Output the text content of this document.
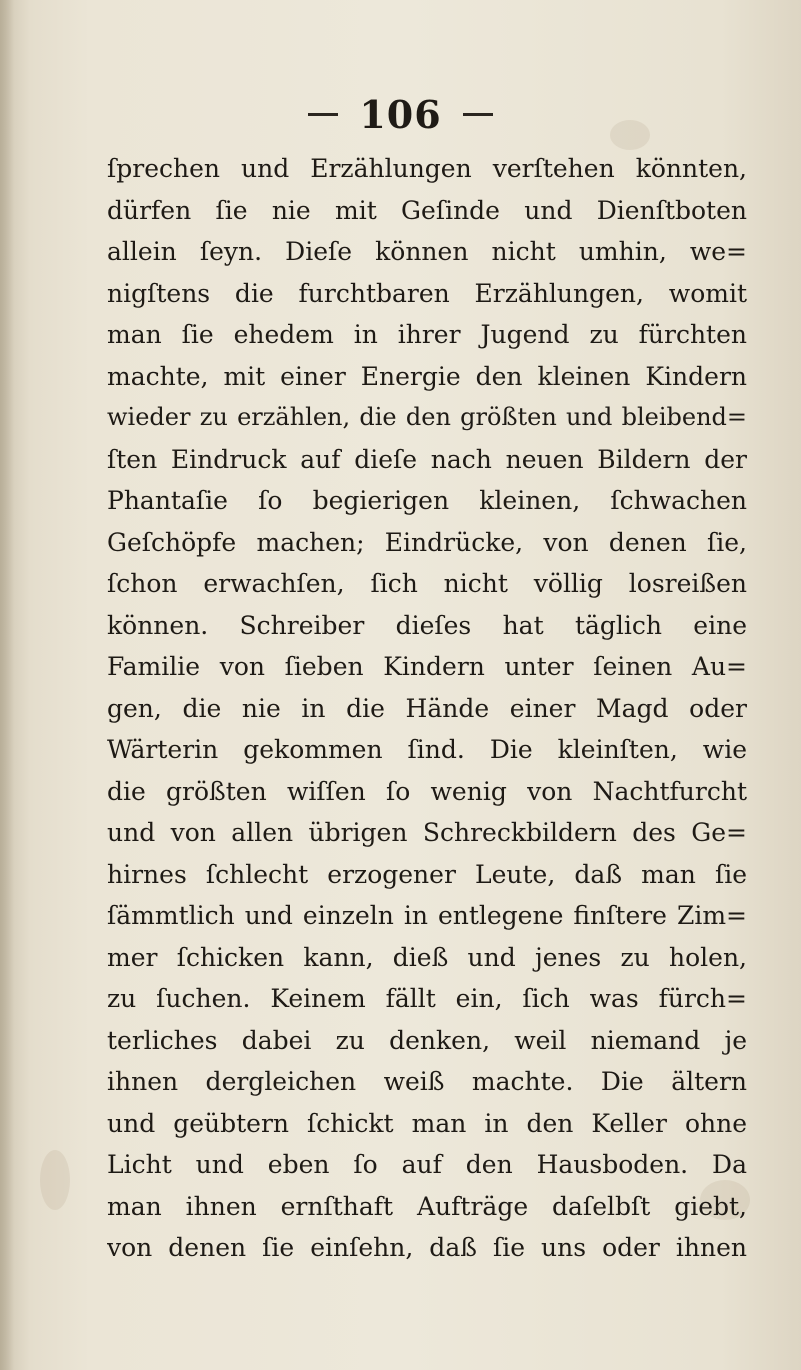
106
ſprechen und Erzählungen verſtehen könnten,
dürfen ſie nie mit Geſinde und Dienſtboten
allein ſeyn. Dieſe können nicht umhin, we=
nigſtens die furchtbaren Erzählungen, womit
man ſie ehedem in ihrer Jugend zu fürchten
machte, mit einer Energie den kleinen Kindern
wieder zu erzählen, die den größten und bleibend=
ſten Eindruck auf dieſe nach neuen Bildern der
Phantaſie ſo begierigen kleinen, ſchwachen
Geſchöpfe machen; Eindrücke, von denen ſie,
ſchon erwachſen, ſich nicht völlig losreißen
können. Schreiber dieſes hat täglich eine
Familie von ſieben Kindern unter ſeinen Au=
gen, die nie in die Hände einer Magd oder
Wärterin gekommen ſind. Die kleinſten, wie
die größten wiſſen ſo wenig von Nachtfurcht
und von allen übrigen Schreckbildern des Ge=
hirnes ſchlecht erzogener Leute, daß man ſie
ſämmtlich und einzeln in entlegene finſtere Zim=
mer ſchicken kann, dieß und jenes zu holen,
zu ſuchen. Keinem fällt ein, ſich was fürch=
terliches dabei zu denken, weil niemand je
ihnen dergleichen weiß machte. Die ältern
und geübtern ſchickt man in den Keller ohne
Licht und eben ſo auf den Hausboden. Da
man ihnen ernſthaft Aufträge daſelbſt giebt,
von denen ſie einſehn, daß ſie uns oder ihnen
